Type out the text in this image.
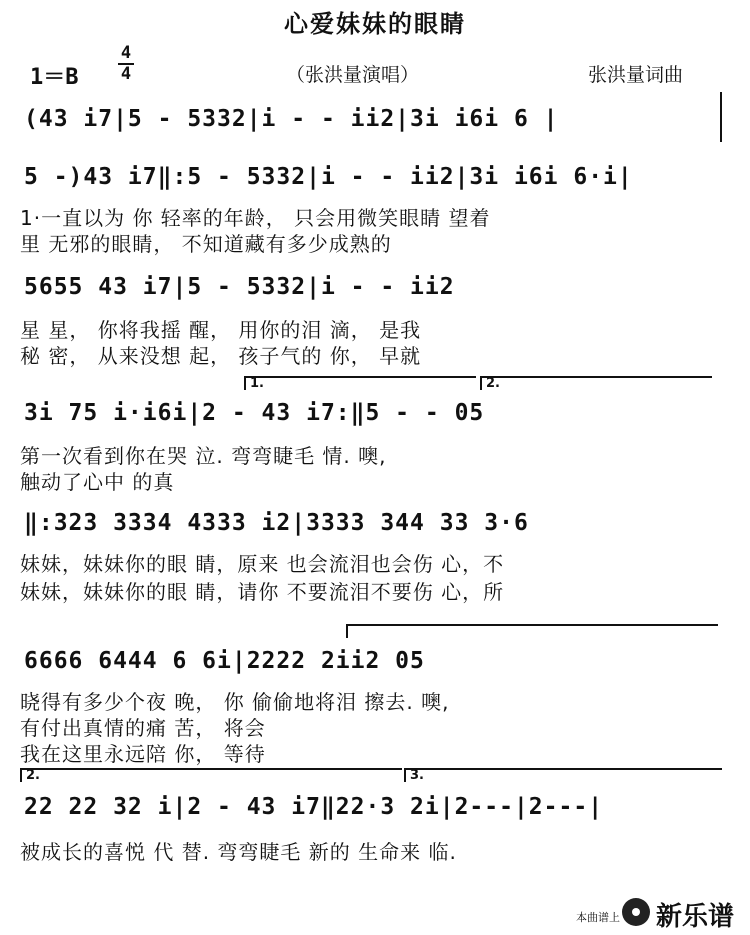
心爱妹妹的眼睛
1＝B
4
4	（张洪量演唱）	张洪量词曲
(43 i7|5 - 5332|i - - ii2|3i i6i 6 |
5 -)43 i7‖:5 - 5332|i - - ii2|3i i6i 6·i|
1·一直以为 你 轻率的年龄， 只会用微笑眼睛 望着
里 无邪的眼睛， 不知道藏有多少成熟的
5655 43 i7|5 - 5332|i - - ii2
星 星， 你将我摇 醒， 用你的泪 滴， 是我
秘 密， 从来没想 起， 孩子气的 你， 早就
1.	2.
3i 75 i·i6i|2 - 43 i7:‖5 - - 05
第一次看到你在哭 泣. 弯弯睫毛 情. 噢,
触动了心中 的真
‖:323 3334 4333 i2|3333 344 33 3·6
妹妹，妹妹你的眼 睛，原来 也会流泪也会伤 心，不
妹妹，妹妹你的眼 睛，请你 不要流泪不要伤 心，所
6666 6444 6 6i|2222 2ii2 05
晓得有多少个夜 晚， 你 偷偷地将泪 擦去. 噢,
有付出真情的痛 苦， 将会
我在这里永远陪 你， 等待
2.	3.
22 22 32 i|2 - 43 i7‖22·3 2i|2---|2---|
被成长的喜悦 代 替. 弯弯睫毛 新的 生命来 临.
本曲谱上 新乐谱
